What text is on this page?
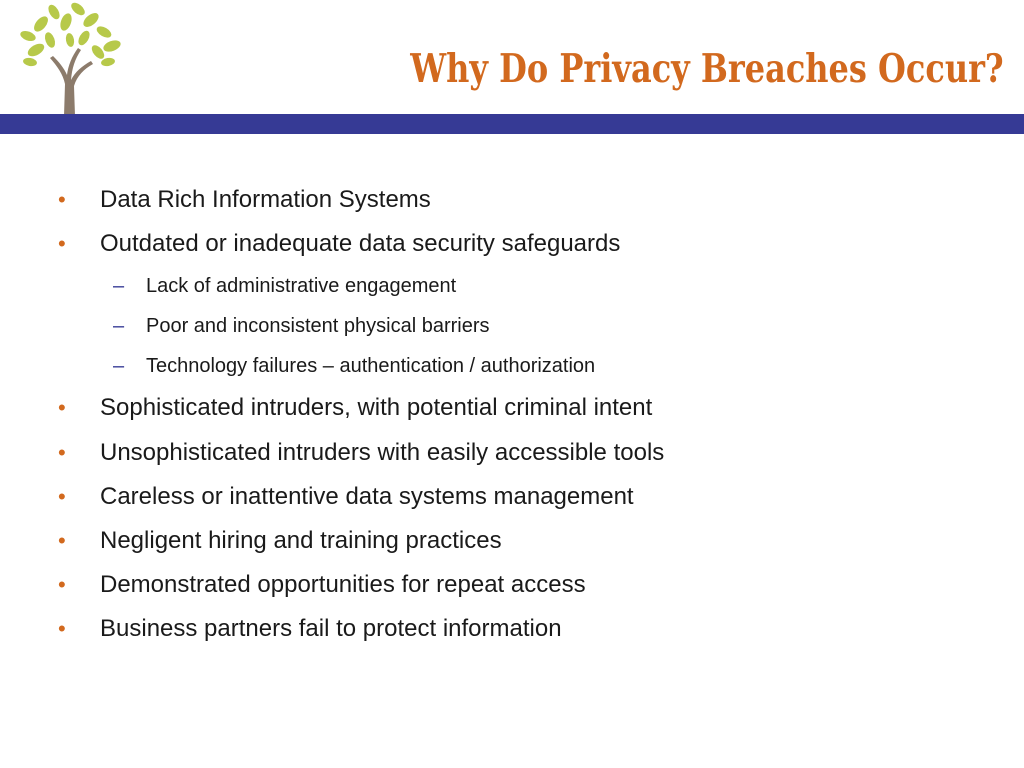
Why Do Privacy Breaches Occur?
• Data Rich Information Systems
• Outdated or inadequate data security safeguards
– Lack of administrative engagement
– Poor and inconsistent physical barriers
– Technology failures – authentication / authorization
• Sophisticated intruders, with potential criminal intent
• Unsophisticated intruders with easily accessible tools
• Careless or inattentive data systems management
• Negligent hiring and training practices
• Demonstrated opportunities for repeat access
• Business partners fail to protect information
